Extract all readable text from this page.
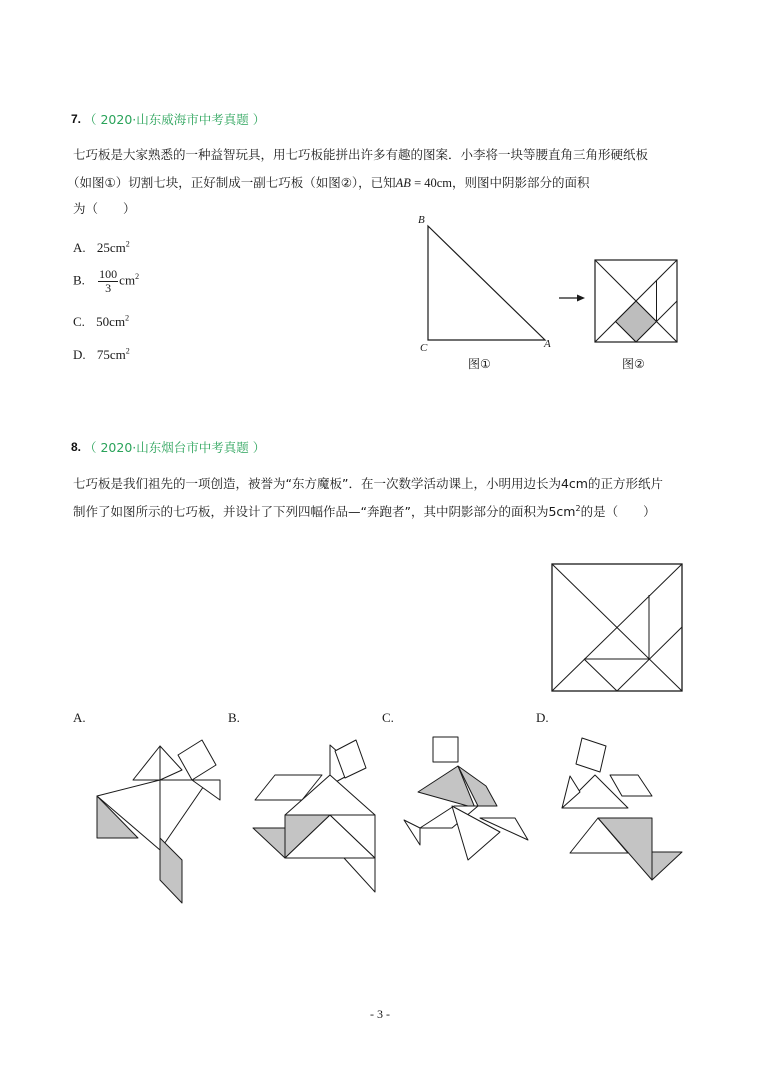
7. （ 2020·山东威海市中考真题 ）
七巧板是大家熟悉的一种益智玩具，用七巧板能拼出许多有趣的图案．小李将一块等腰直角三角形硬纸板
（如图①）切割七块，正好制成一副七巧板（如图②），已知AB = 40cm，则图中阴影部分的面积
为（　　）
A. $25cm^2$
B. $\frac{100}{3} cm^2$
C. $50cm^2$
D. $75cm^2$
B
C	A
图①	图②
8. （ 2020·山东烟台市中考真题 ）
七巧板是我们祖先的一项创造，被誉为“东方魔板”．在一次数学活动课上，小明用边长为4cm的正方形纸片
制作了如图所示的七巧板，并设计了下列四幅作品—“奔跑者”，其中阴影部分的面积为$5cm^2$的是（　　）
A.	B.	C.	D.
- 3 -
